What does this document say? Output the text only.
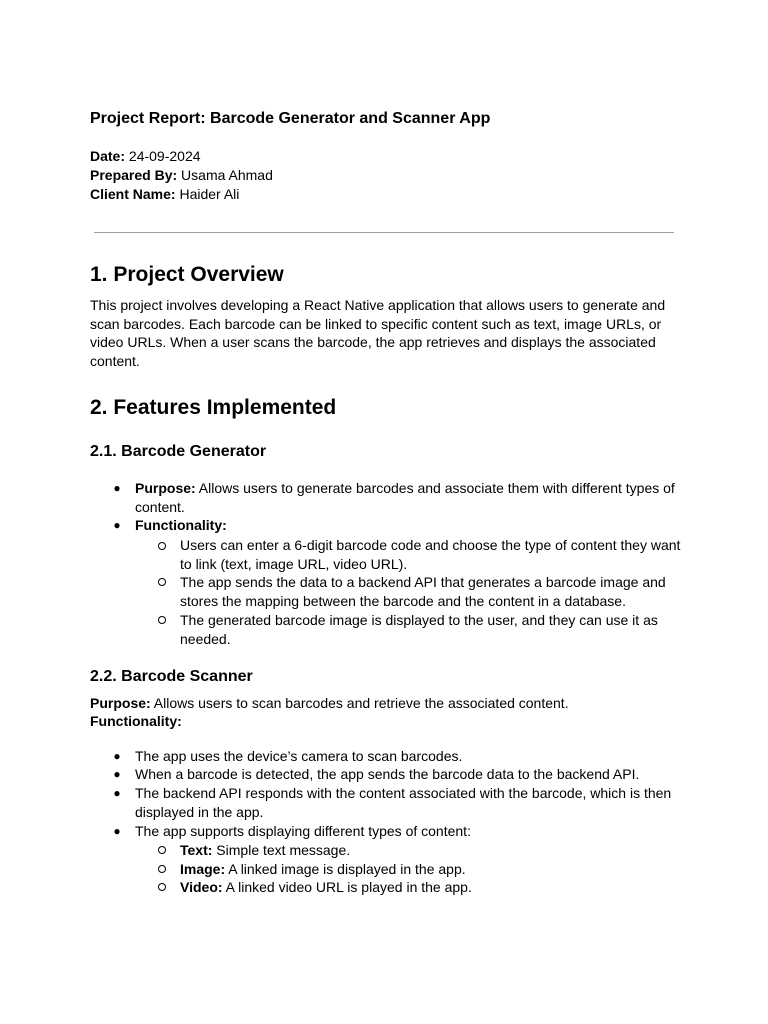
Project Report: Barcode Generator and Scanner App
Date: 24-09-2024
Prepared By: Usama Ahmad
Client Name: Haider Ali
1. Project Overview
This project involves developing a React Native application that allows users to generate and
scan barcodes. Each barcode can be linked to specific content such as text, image URLs, or
video URLs. When a user scans the barcode, the app retrieves and displays the associated
content.
2. Features Implemented
2.1. Barcode Generator
● Purpose: Allows users to generate barcodes and associate them with different types of
content.
● Functionality:
Users can enter a 6-digit barcode code and choose the type of content they want
to link (text, image URL, video URL).
The app sends the data to a backend API that generates a barcode image and
stores the mapping between the barcode and the content in a database.
The generated barcode image is displayed to the user, and they can use it as
needed.
2.2. Barcode Scanner
Purpose: Allows users to scan barcodes and retrieve the associated content.
Functionality:
● The app uses the device’s camera to scan barcodes.
● When a barcode is detected, the app sends the barcode data to the backend API.
● The backend API responds with the content associated with the barcode, which is then
displayed in the app.
● The app supports displaying different types of content:
Text: Simple text message.
Image: A linked image is displayed in the app.
Video: A linked video URL is played in the app.
